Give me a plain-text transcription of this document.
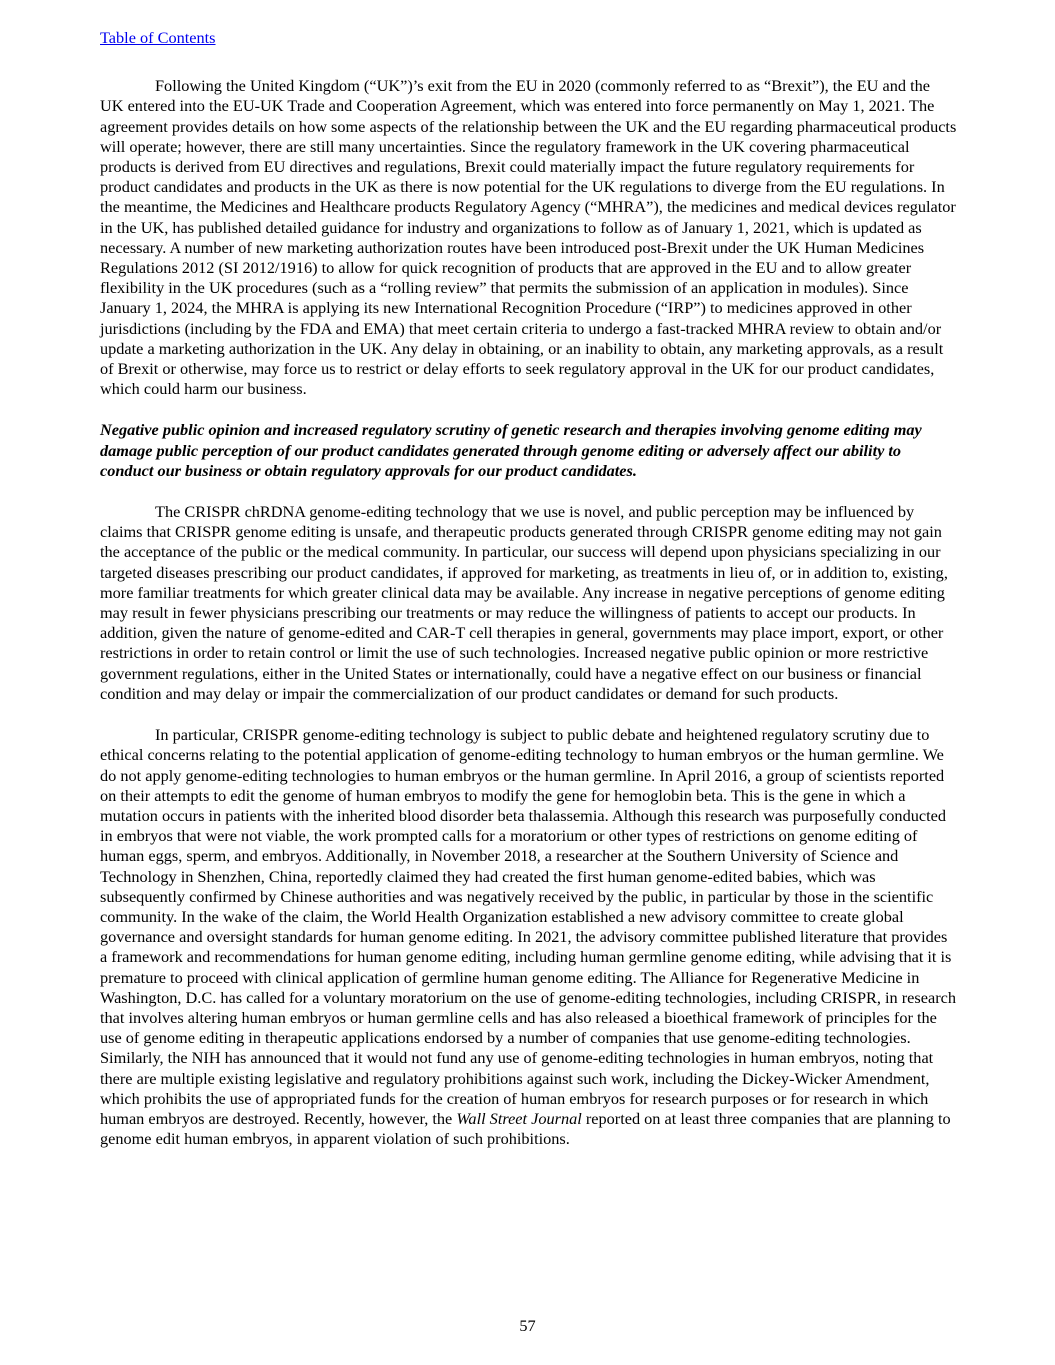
Table of Contents

Following the United Kingdom (“UK”)’s exit from the EU in 2020 (commonly referred to as “Brexit”), the EU and the UK entered into the EU-UK Trade and Cooperation Agreement, which was entered into force permanently on May 1, 2021. The agreement provides details on how some aspects of the relationship between the UK and the EU regarding pharmaceutical products will operate; however, there are still many uncertainties. Since the regulatory framework in the UK covering pharmaceutical products is derived from EU directives and regulations, Brexit could materially impact the future regulatory requirements for product candidates and products in the UK as there is now potential for the UK regulations to diverge from the EU regulations. In the meantime, the Medicines and Healthcare products Regulatory Agency (“MHRA”), the medicines and medical devices regulator in the UK, has published detailed guidance for industry and organizations to follow as of January 1, 2021, which is updated as necessary. A number of new marketing authorization routes have been introduced post-Brexit under the UK Human Medicines Regulations 2012 (SI 2012/1916) to allow for quick recognition of products that are approved in the EU and to allow greater flexibility in the UK procedures (such as a “rolling review” that permits the submission of an application in modules). Since January 1, 2024, the MHRA is applying its new International Recognition Procedure (“IRP”) to medicines approved in other jurisdictions (including by the FDA and EMA) that meet certain criteria to undergo a fast-tracked MHRA review to obtain and/or update a marketing authorization in the UK. Any delay in obtaining, or an inability to obtain, any marketing approvals, as a result of Brexit or otherwise, may force us to restrict or delay efforts to seek regulatory approval in the UK for our product candidates, which could harm our business.

Negative public opinion and increased regulatory scrutiny of genetic research and therapies involving genome editing may damage public perception of our product candidates generated through genome editing or adversely affect our ability to conduct our business or obtain regulatory approvals for our product candidates.

The CRISPR chRDNA genome-editing technology that we use is novel, and public perception may be influenced by claims that CRISPR genome editing is unsafe, and therapeutic products generated through CRISPR genome editing may not gain the acceptance of the public or the medical community. In particular, our success will depend upon physicians specializing in our targeted diseases prescribing our product candidates, if approved for marketing, as treatments in lieu of, or in addition to, existing, more familiar treatments for which greater clinical data may be available. Any increase in negative perceptions of genome editing may result in fewer physicians prescribing our treatments or may reduce the willingness of patients to accept our products. In addition, given the nature of genome-edited and CAR-T cell therapies in general, governments may place import, export, or other restrictions in order to retain control or limit the use of such technologies. Increased negative public opinion or more restrictive government regulations, either in the United States or internationally, could have a negative effect on our business or financial condition and may delay or impair the commercialization of our product candidates or demand for such products.

In particular, CRISPR genome-editing technology is subject to public debate and heightened regulatory scrutiny due to ethical concerns relating to the potential application of genome-editing technology to human embryos or the human germline. We do not apply genome-editing technologies to human embryos or the human germline. In April 2016, a group of scientists reported on their attempts to edit the genome of human embryos to modify the gene for hemoglobin beta. This is the gene in which a mutation occurs in patients with the inherited blood disorder beta thalassemia. Although this research was purposefully conducted in embryos that were not viable, the work prompted calls for a moratorium or other types of restrictions on genome editing of human eggs, sperm, and embryos. Additionally, in November 2018, a researcher at the Southern University of Science and Technology in Shenzhen, China, reportedly claimed they had created the first human genome-edited babies, which was subsequently confirmed by Chinese authorities and was negatively received by the public, in particular by those in the scientific community. In the wake of the claim, the World Health Organization established a new advisory committee to create global governance and oversight standards for human genome editing. In 2021, the advisory committee published literature that provides a framework and recommendations for human genome editing, including human germline genome editing, while advising that it is premature to proceed with clinical application of germline human genome editing. The Alliance for Regenerative Medicine in Washington, D.C. has called for a voluntary moratorium on the use of genome-editing technologies, including CRISPR, in research that involves altering human embryos or human germline cells and has also released a bioethical framework of principles for the use of genome editing in therapeutic applications endorsed by a number of companies that use genome-editing technologies. Similarly, the NIH has announced that it would not fund any use of genome-editing technologies in human embryos, noting that there are multiple existing legislative and regulatory prohibitions against such work, including the Dickey-Wicker Amendment, which prohibits the use of appropriated funds for the creation of human embryos for research purposes or for research in which human embryos are destroyed. Recently, however, the Wall Street Journal reported on at least three companies that are planning to genome edit human embryos, in apparent violation of such prohibitions.

57
